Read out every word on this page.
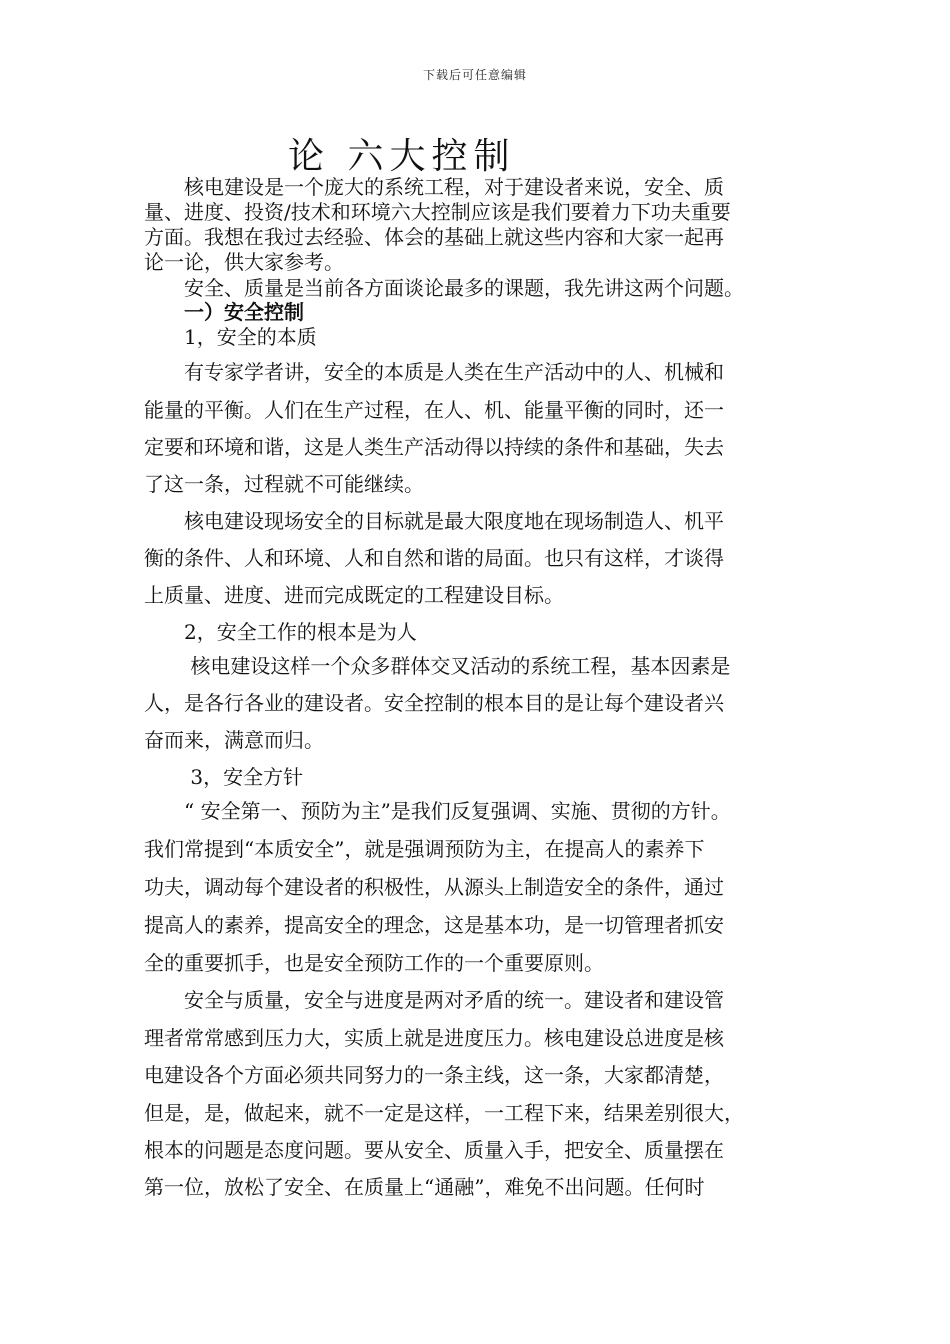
下载后可任意编辑
论 六大控制
　　核电建设是一个庞大的系统工程，对于建设者来说，安全、质
量、进度、投资/技术和环境六大控制应该是我们要着力下功夫重要
方面。我想在我过去经验、体会的基础上就这些内容和大家一起再
论一论，供大家参考。
　　安全、质量是当前各方面谈论最多的课题，我先讲这两个问题。
　　一）安全控制
　　1，安全的本质
　　有专家学者讲，安全的本质是人类在生产活动中的人、机械和
能量的平衡。人们在生产过程，在人、机、能量平衡的同时，还一
定要和环境和谐，这是人类生产活动得以持续的条件和基础，失去
了这一条，过程就不可能继续。
　　核电建设现场安全的目标就是最大限度地在现场制造人、机平
衡的条件、人和环境、人和自然和谐的局面。也只有这样，才谈得
上质量、进度、进而完成既定的工程建设目标。
　　2，安全工作的根本是为人
　　 核电建设这样一个众多群体交叉活动的系统工程，基本因素是
人，是各行各业的建设者。安全控制的根本目的是让每个建设者兴
奋而来，满意而归。
　　 3，安全方针
　　“ 安全第一、预防为主”是我们反复强调、实施、贯彻的方针。
我们常提到“本质安全”，就是强调预防为主，在提高人的素养下
功夫，调动每个建设者的积极性，从源头上制造安全的条件，通过
提高人的素养，提高安全的理念，这是基本功，是一切管理者抓安
全的重要抓手，也是安全预防工作的一个重要原则。
　　安全与质量，安全与进度是两对矛盾的统一。建设者和建设管
理者常常感到压力大，实质上就是进度压力。核电建设总进度是核
电建设各个方面必须共同努力的一条主线，这一条，大家都清楚，
但是，是，做起来，就不一定是这样，一工程下来，结果差别很大，
根本的问题是态度问题。要从安全、质量入手，把安全、质量摆在
第一位，放松了安全、在质量上“通融”，难免不出问题。任何时
